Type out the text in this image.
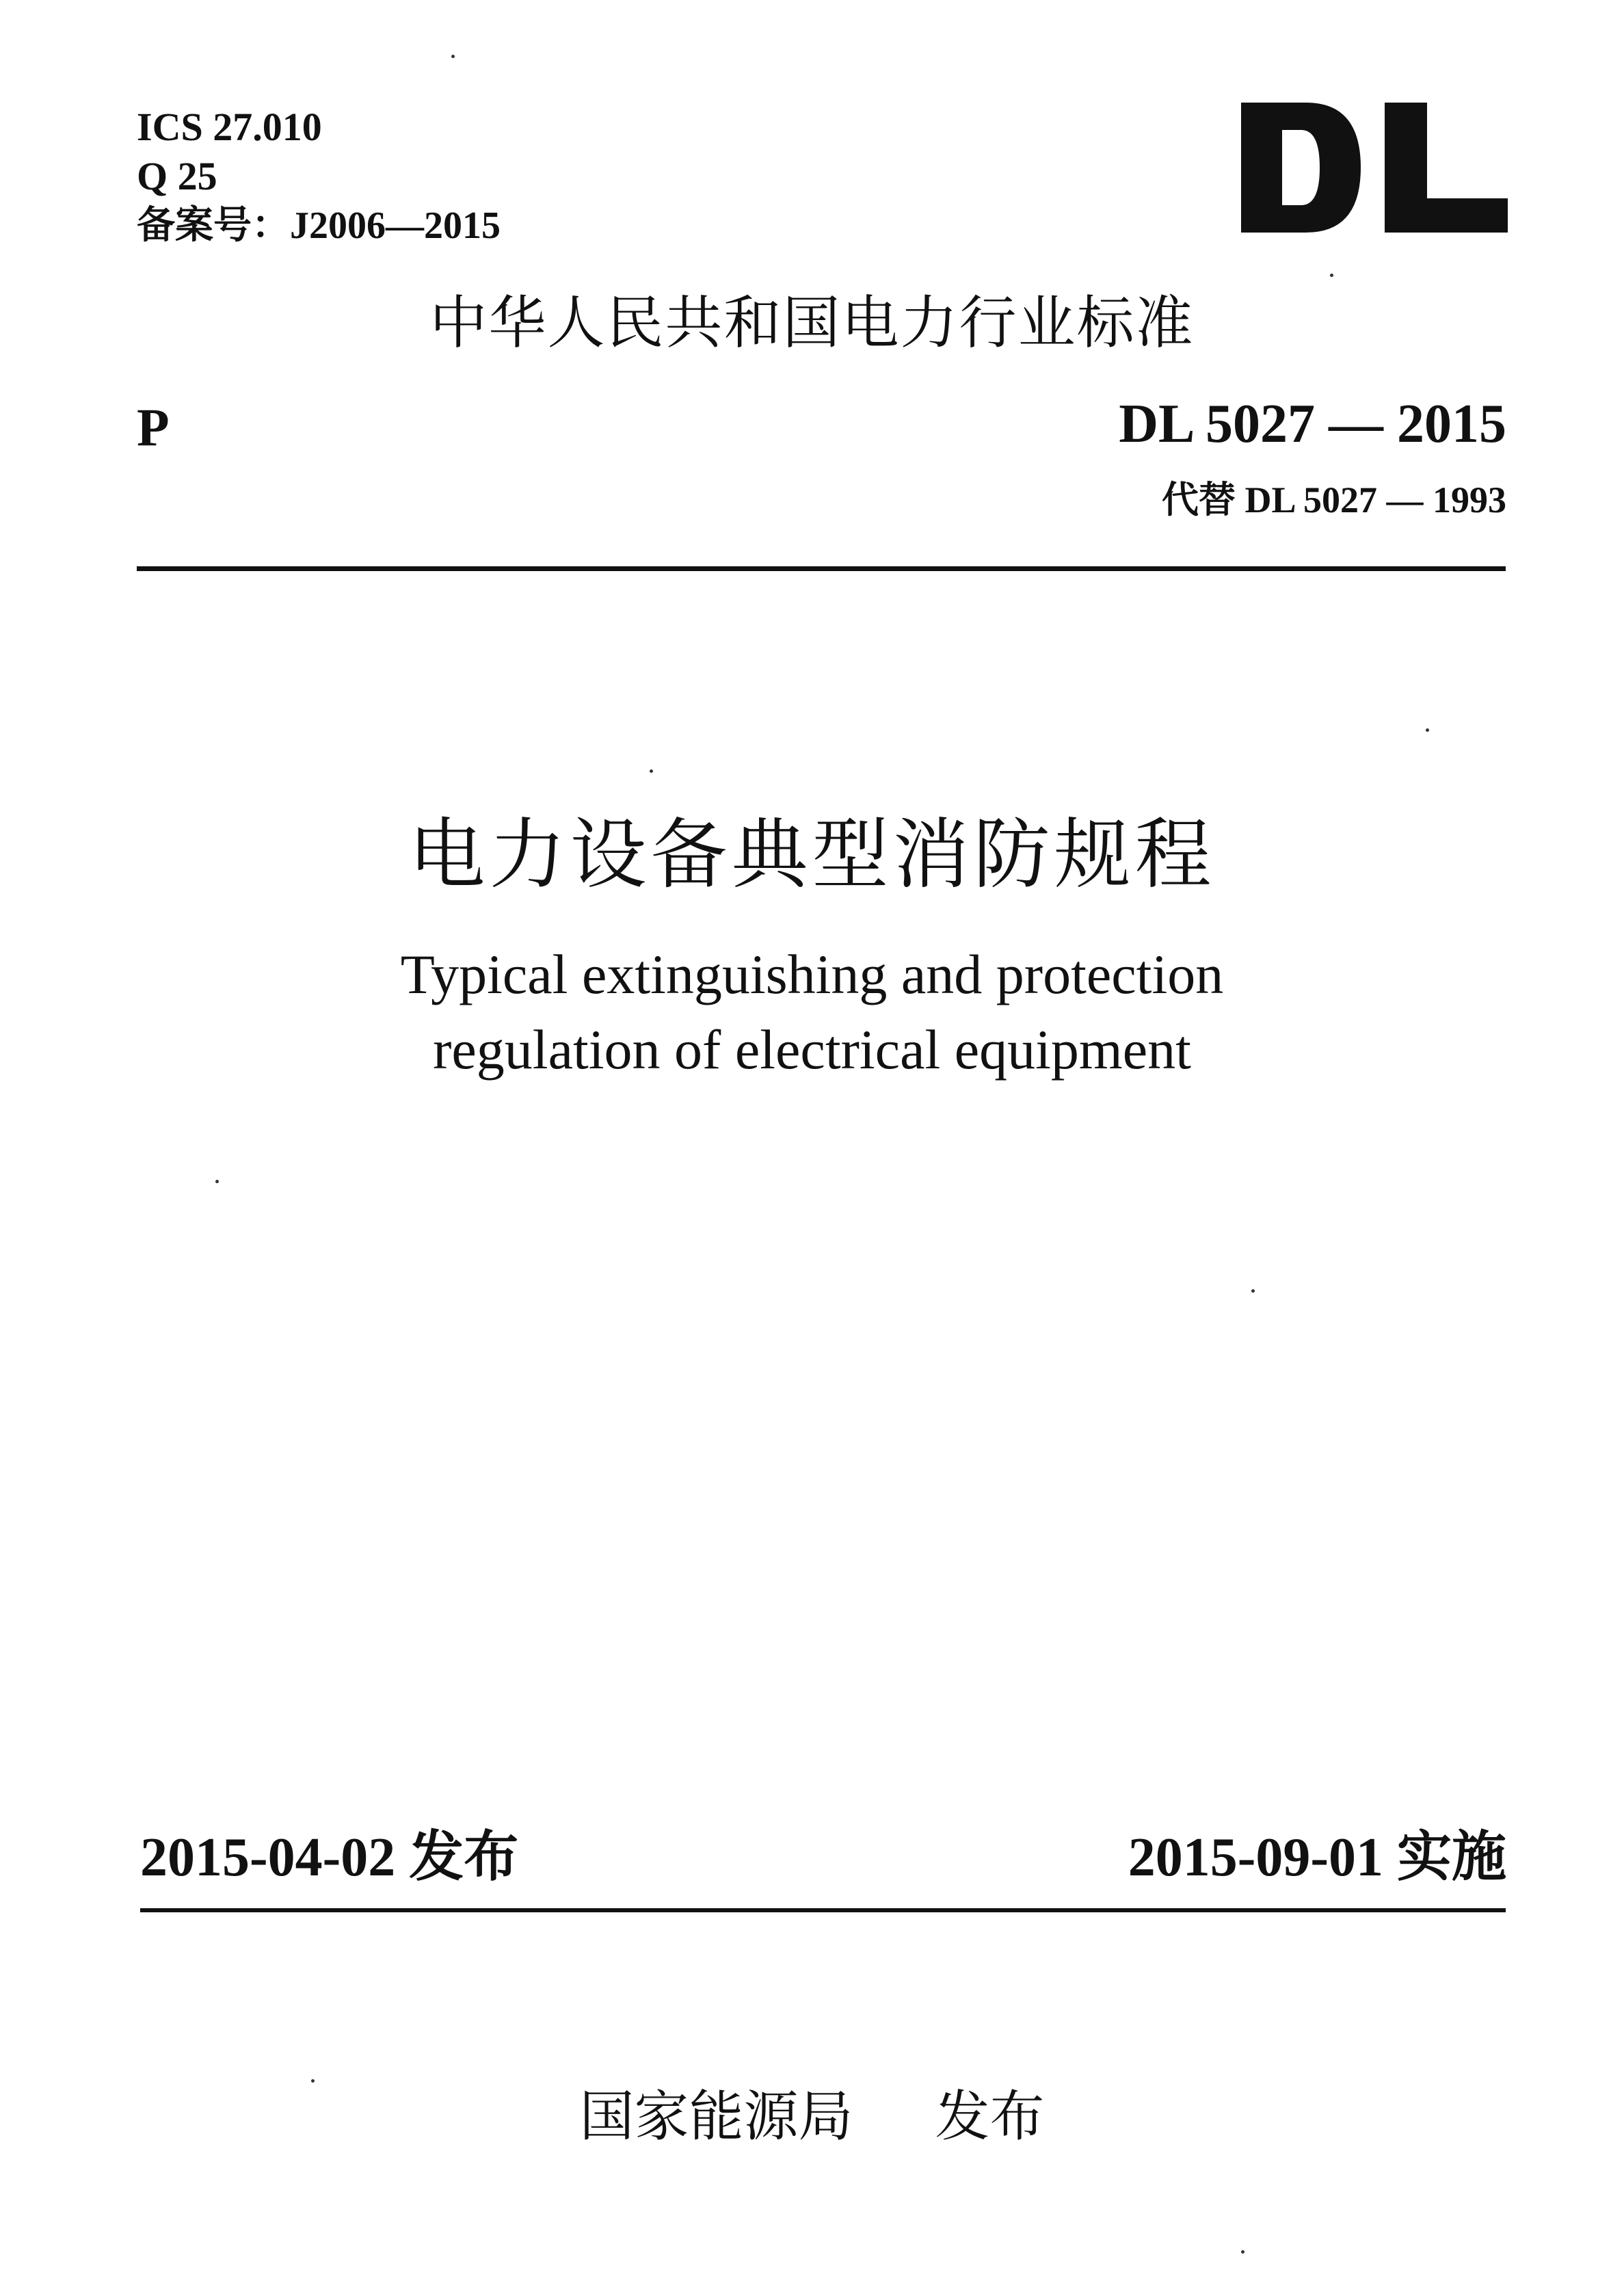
ICS 27.010
Q 25
备案号：J2006—2015
中华人民共和国电力行业标准
P	DL 5027 — 2015
代替 DL 5027 — 1993
电力设备典型消防规程
Typical extinguishing and protection
regulation of electrical equipment
2015-04-02 发布	2015-09-01 实施
国家能源局 发布
